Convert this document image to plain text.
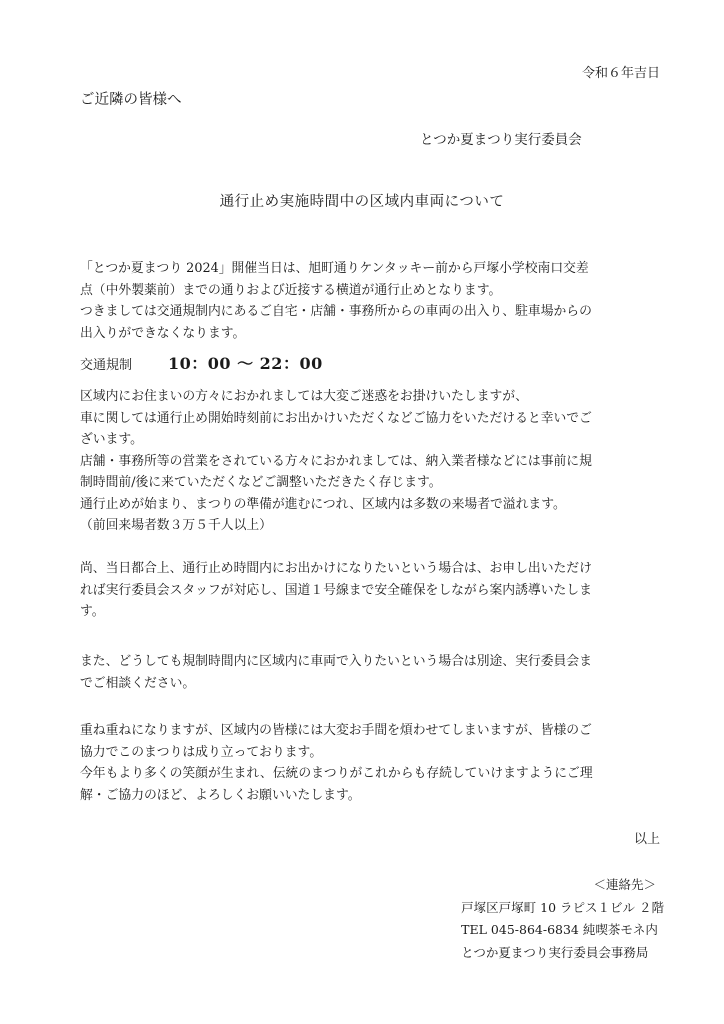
令和６年吉日
ご近隣の皆様へ
とつか夏まつり実行委員会
通行止め実施時間中の区域内車両について

「とつか夏まつり 2024」開催当日は、旭町通りケンタッキー前から戸塚小学校南口交差

点（中外製薬前）までの通りおよび近接する横道が通行止めとなります。

つきましては交通規制内にあるご自宅・店舗・事務所からの車両の出入り、駐車場からの

出入りができなくなります。

交通規制 10：00 〜 22：00

区域内にお住まいの方々におかれましては大変ご迷惑をお掛けいたしますが、

車に関しては通行止め開始時刻前にお出かけいただくなどご協力をいただけると幸いでご

ざいます。

店舗・事務所等の営業をされている方々におかれましては、納入業者様などには事前に規

制時間前/後に来ていただくなどご調整いただきたく存じます。

通行止めが始まり、まつりの準備が進むにつれ、区域内は多数の来場者で溢れます。

（前回来場者数３万５千人以上）

尚、当日都合上、通行止め時間内にお出かけになりたいという場合は、お申し出いただけ

れば実行委員会スタッフが対応し、国道１号線まで安全確保をしながら案内誘導いたしま

す。

また、どうしても規制時間内に区域内に車両で入りたいという場合は別途、実行委員会ま

でご相談ください。

重ね重ねになりますが、区域内の皆様には大変お手間を煩わせてしまいますが、皆様のご

協力でこのまつりは成り立っております。

今年もより多くの笑顔が生まれ、伝統のまつりがこれからも存続していけますようにご理

解・ご協力のほど、よろしくお願いいたします。

以上
＜連絡先＞
戸塚区戸塚町 10 ラピス１ビル ２階
TEL 045-864-6834 純喫茶モネ内
とつか夏まつり実行委員会事務局
